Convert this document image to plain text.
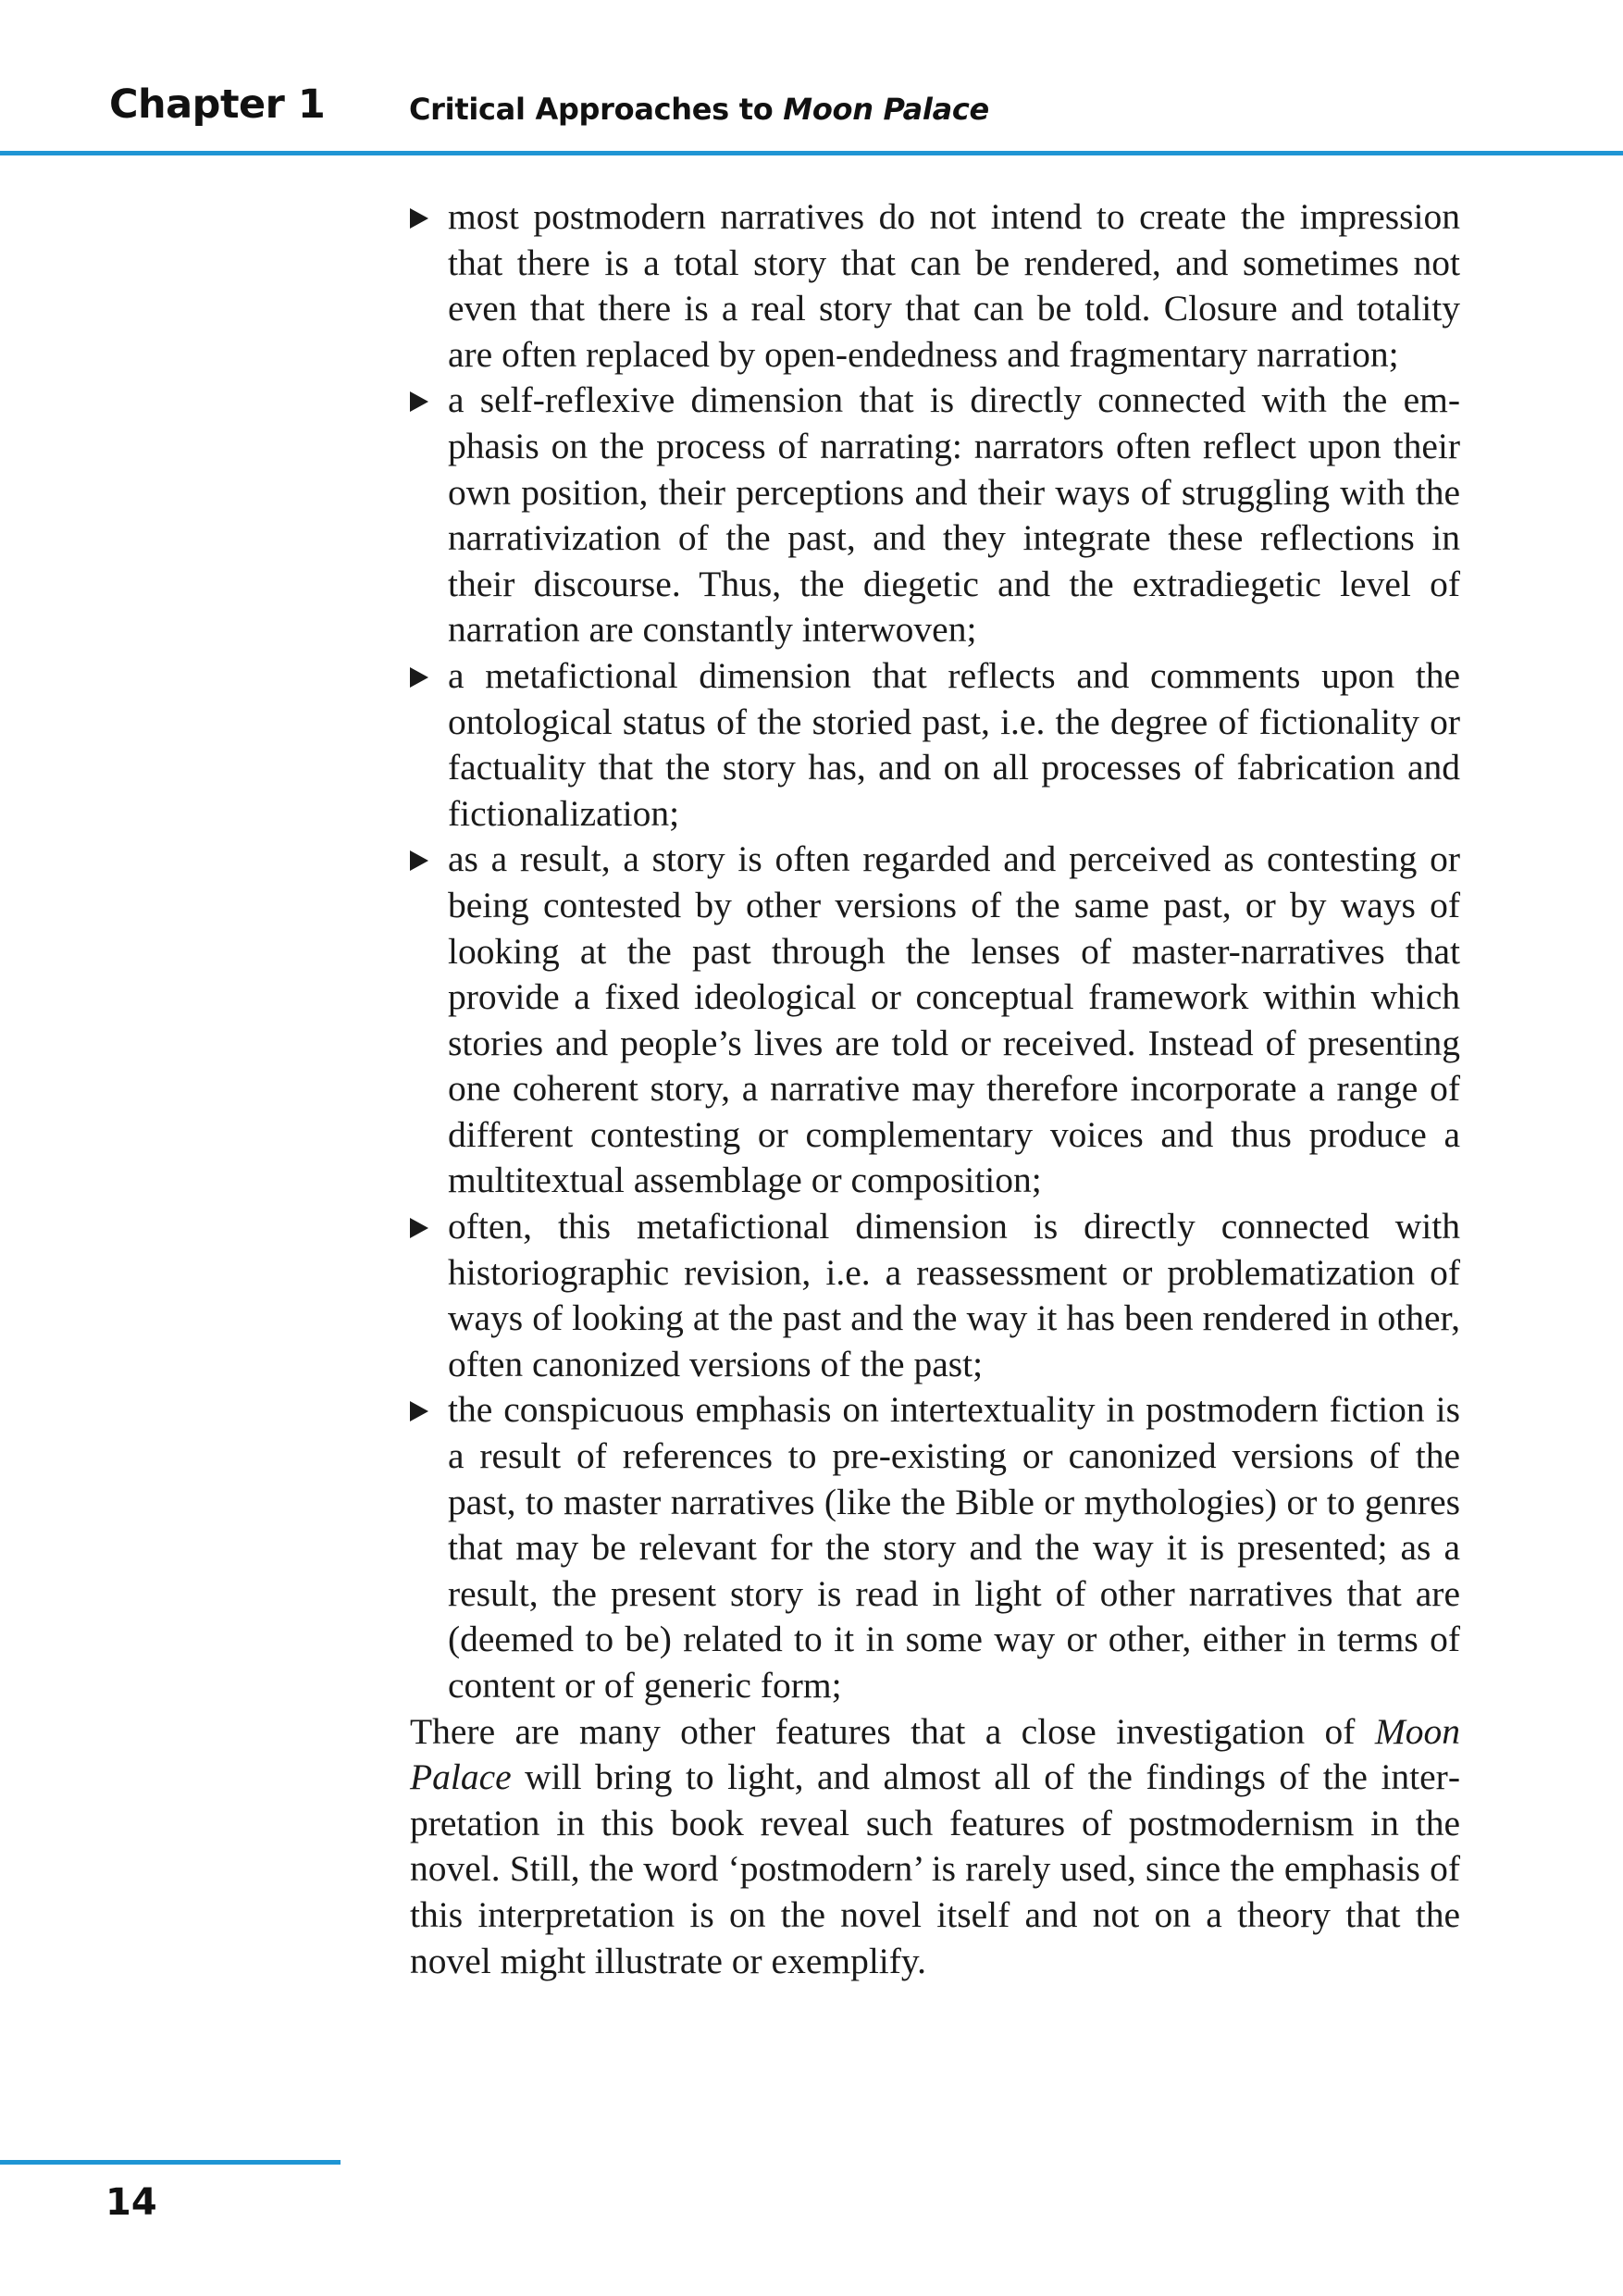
Chapter 1	Critical Approaches to Moon Palace
most postmodern narratives do not intend to create the impression that there is a total story that can be rendered, and sometimes not even that there is a real story that can be told. Closure and totality are often replaced by open-endedness and fragmentary narration;
a self-reflexive dimension that is directly connected with the emphasis on the process of narrating: narrators often reflect upon their own position, their perceptions and their ways of struggling with the narrativization of the past, and they integrate these reflections in their discourse. Thus, the diegetic and the extradiegetic level of narration are constantly interwoven;
a metafictional dimension that reflects and comments upon the ontological status of the storied past, i.e. the degree of fictionality or factuality that the story has, and on all processes of fabrication and fictionalization;
as a result, a story is often regarded and perceived as contesting or being contested by other versions of the same past, or by ways of looking at the past through the lenses of master-narratives that provide a fixed ideological or conceptual framework within which stories and people’s lives are told or received. Instead of presenting one coherent story, a narrative may therefore incorporate a range of different contesting or complementary voices and thus produce a multitextual assemblage or composition;
often, this metafictional dimension is directly connected with historiographic revision, i.e. a reassessment or problematization of ways of looking at the past and the way it has been rendered in other, often canonized versions of the past;
the conspicuous emphasis on intertextuality in postmodern fiction is a result of references to pre-existing or canonized versions of the past, to master narratives (like the Bible or mythologies) or to genres that may be relevant for the story and the way it is presented; as a result, the present story is read in light of other narratives that are (deemed to be) related to it in some way or other, either in terms of content or of generic form;

There are many other features that a close investigation of Moon Palace will bring to light, and almost all of the findings of the interpretation in this book reveal such features of postmodernism in the novel. Still, the word ‘postmodern’ is rarely used, since the emphasis of this interpretation is on the novel itself and not on a theory that the novel might illustrate or exemplify.

14
